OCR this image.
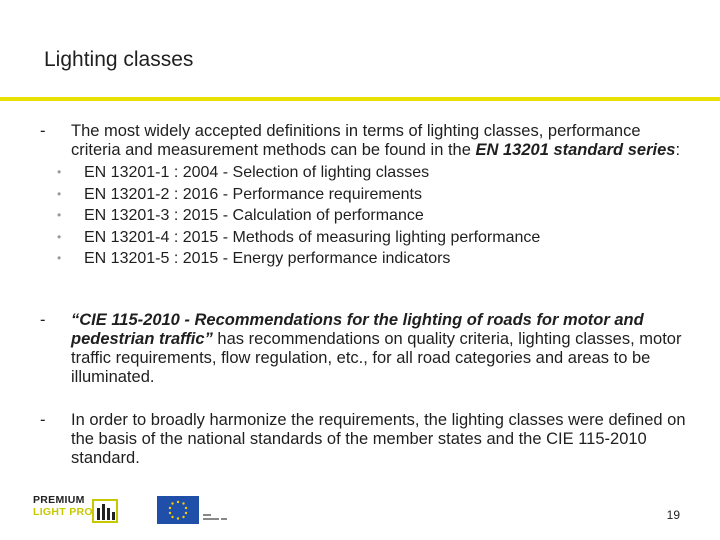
Lighting classes
-	The most widely accepted definitions in terms of lighting classes, performance criteria and measurement methods can be found in the EN 13201 standard series:
• EN 13201-1 : 2004 - Selection of lighting classes
• EN 13201-2 : 2016 - Performance requirements
• EN 13201-3 : 2015 - Calculation of performance
• EN 13201-4 : 2015 - Methods of measuring lighting performance
• EN 13201-5 : 2015 - Energy performance indicators
-	“CIE 115-2010 - Recommendations for the lighting of roads for motor and pedestrian traffic” has recommendations on quality criteria, lighting classes, motor traffic requirements, flow regulation, etc., for all road categories and areas to be illuminated.
-	In order to broadly harmonize the requirements, the lighting classes were defined on the basis of the national standards of the member states and the CIE 115-2010 standard.
PREMIUM
LIGHT PRO	19
